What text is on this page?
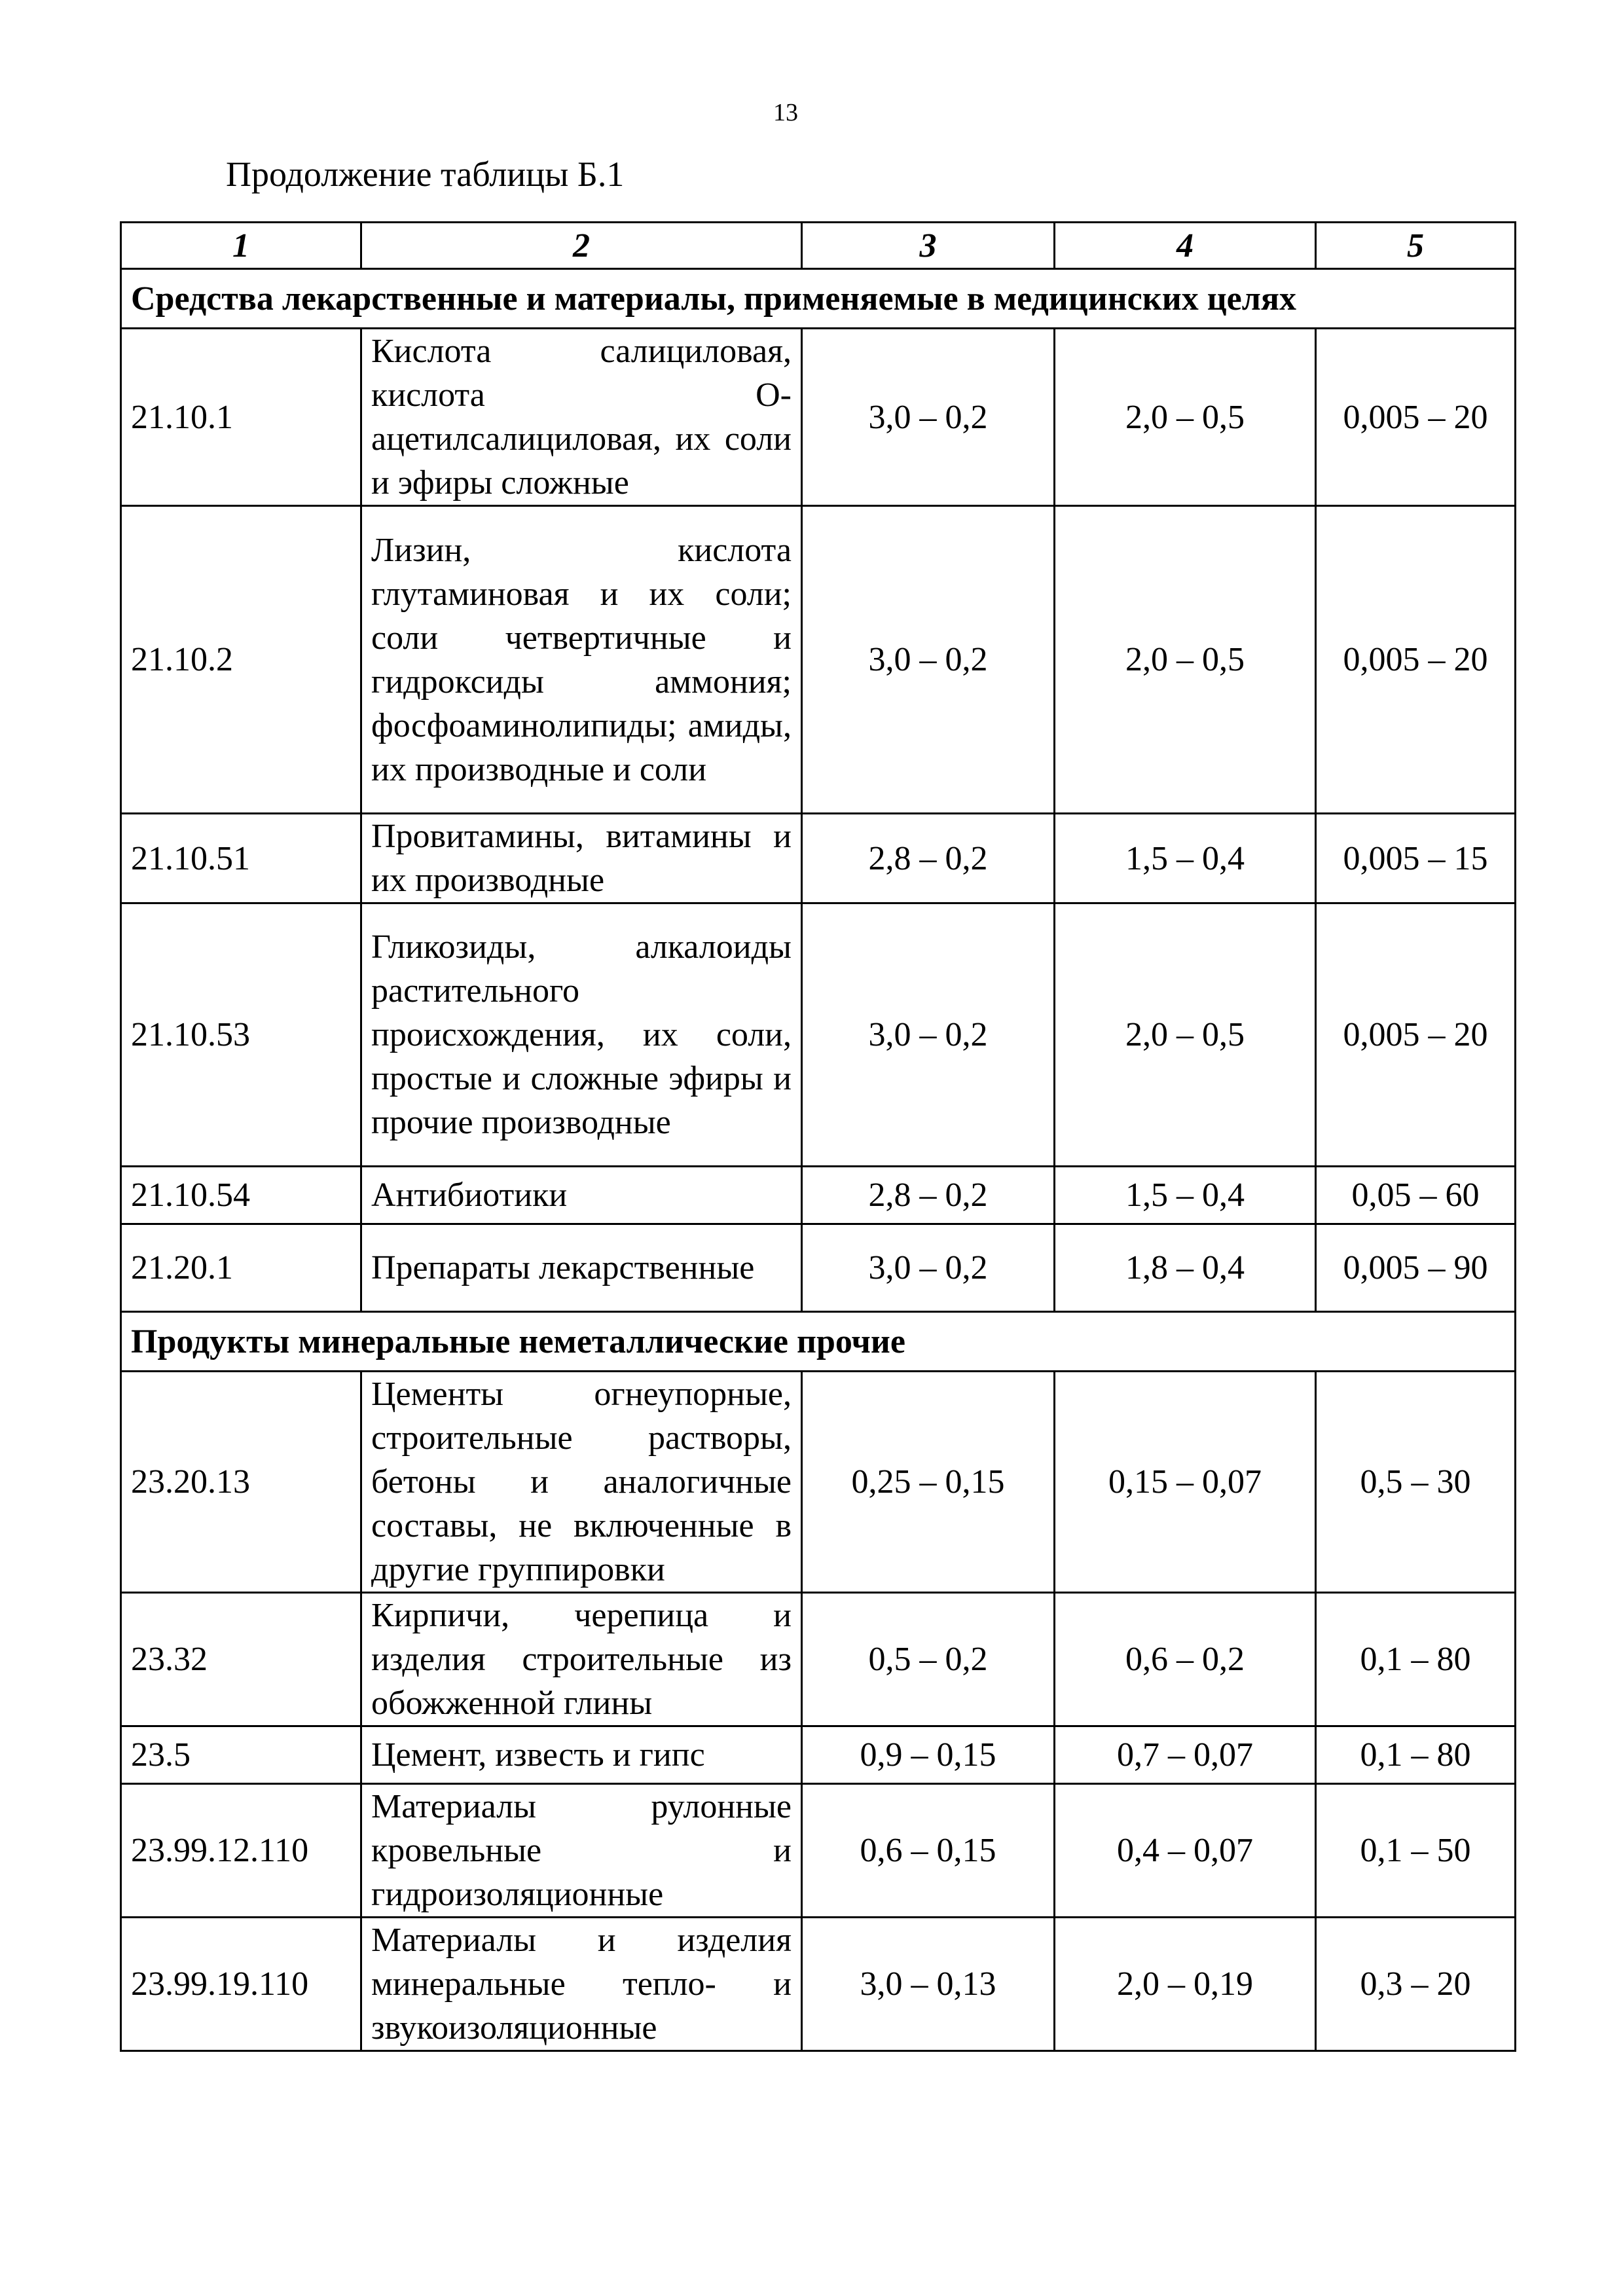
13
Продолжение таблицы Б.1
1	2	3	4	5
Средства лекарственные и материалы, применяемые в медицинских целях				
21.10.1	Кислота салициловая, кислота О-ацетилсалициловая, их соли и эфиры сложные	3,0 – 0,2	2,0 – 0,5	0,005 – 20
21.10.2	Лизин, кислота глутаминовая и их соли; соли четвертичные и гидроксиды аммония; фосфоаминолипиды; амиды, их производные и соли	3,0 – 0,2	2,0 – 0,5	0,005 – 20
21.10.51	Провитамины, витамины и их производные	2,8 – 0,2	1,5 – 0,4	0,005 – 15
21.10.53	Гликозиды, алкалоиды растительного происхождения, их соли, простые и сложные эфиры и прочие производные	3,0 – 0,2	2,0 – 0,5	0,005 – 20
21.10.54	Антибиотики	2,8 – 0,2	1,5 – 0,4	0,05 – 60
21.20.1	Препараты лекарственные	3,0 – 0,2	1,8 – 0,4	0,005 – 90
Продукты минеральные неметаллические прочие				
23.20.13	Цементы огнеупорные, строительные растворы, бетоны и аналогичные составы, не включенные в другие группировки	0,25 – 0,15	0,15 – 0,07	0,5 – 30
23.32	Кирпичи, черепица и изделия строительные из обожженной глины	0,5 – 0,2	0,6 – 0,2	0,1 – 80
23.5	Цемент, известь и гипс	0,9 – 0,15	0,7 – 0,07	0,1 – 80
23.99.12.110	Материалы рулонные кровельные и гидроизоляционные	0,6 – 0,15	0,4 – 0,07	0,1 – 50
23.99.19.110	Материалы и изделия минеральные тепло- и звукоизоляционные	3,0 – 0,13	2,0 – 0,19	0,3 – 20
